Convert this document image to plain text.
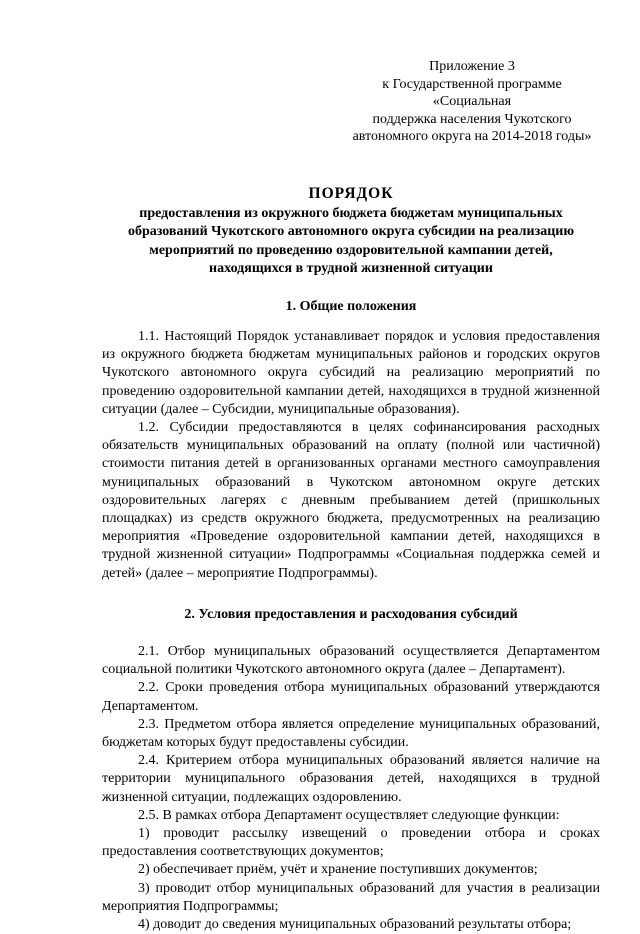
Приложение 3
к Государственной программе «Социальная
поддержка населения Чукотского
автономного округа на 2014-2018 годы»
ПОРЯДОК
предоставления из окружного бюджета бюджетам муниципальных
образований Чукотского автономного округа субсидии на реализацию
мероприятий по проведению оздоровительной кампании детей,
находящихся в трудной жизненной ситуации
1. Общие положения

1.1. Настоящий Порядок устанавливает порядок и условия предоставления из окружного бюджета бюджетам муниципальных районов и городских округов Чукотского автономного округа субсидий на реализацию мероприятий по проведению оздоровительной кампании детей, находящихся в трудной жизненной ситуации (далее – Субсидии, муниципальные образования).

1.2. Субсидии предоставляются в целях софинансирования расходных обязательств муниципальных образований на оплату (полной или частичной) стоимости питания детей в организованных органами местного самоуправления муниципальных образований в Чукотском автономном округе детских оздоровительных лагерях с дневным пребыванием детей (пришкольных площадках) из средств окружного бюджета, предусмотренных на реализацию мероприятия «Проведение оздоровительной кампании детей, находящихся в трудной жизненной ситуации» Подпрограммы «Социальная поддержка семей и детей» (далее – мероприятие Подпрограммы).

2. Условия предоставления и расходования субсидий

2.1. Отбор муниципальных образований осуществляется Департаментом социальной политики Чукотского автономного округа (далее – Департамент).

2.2. Сроки проведения отбора муниципальных образований утверждаются Департаментом.

2.3. Предметом отбора является определение муниципальных образований, бюджетам которых будут предоставлены субсидии.

2.4. Критерием отбора муниципальных образований является наличие на территории муниципального образования детей, находящихся в трудной жизненной ситуации, подлежащих оздоровлению.

2.5. В рамках отбора Департамент осуществляет следующие функции:

1) проводит рассылку извещений о проведении отбора и сроках предоставления соответствующих документов;

2) обеспечивает приём, учёт и хранение поступивших документов;

3) проводит отбор муниципальных образований для участия в реализации мероприятия Подпрограммы;

4) доводит до сведения муниципальных образований результаты отбора;
